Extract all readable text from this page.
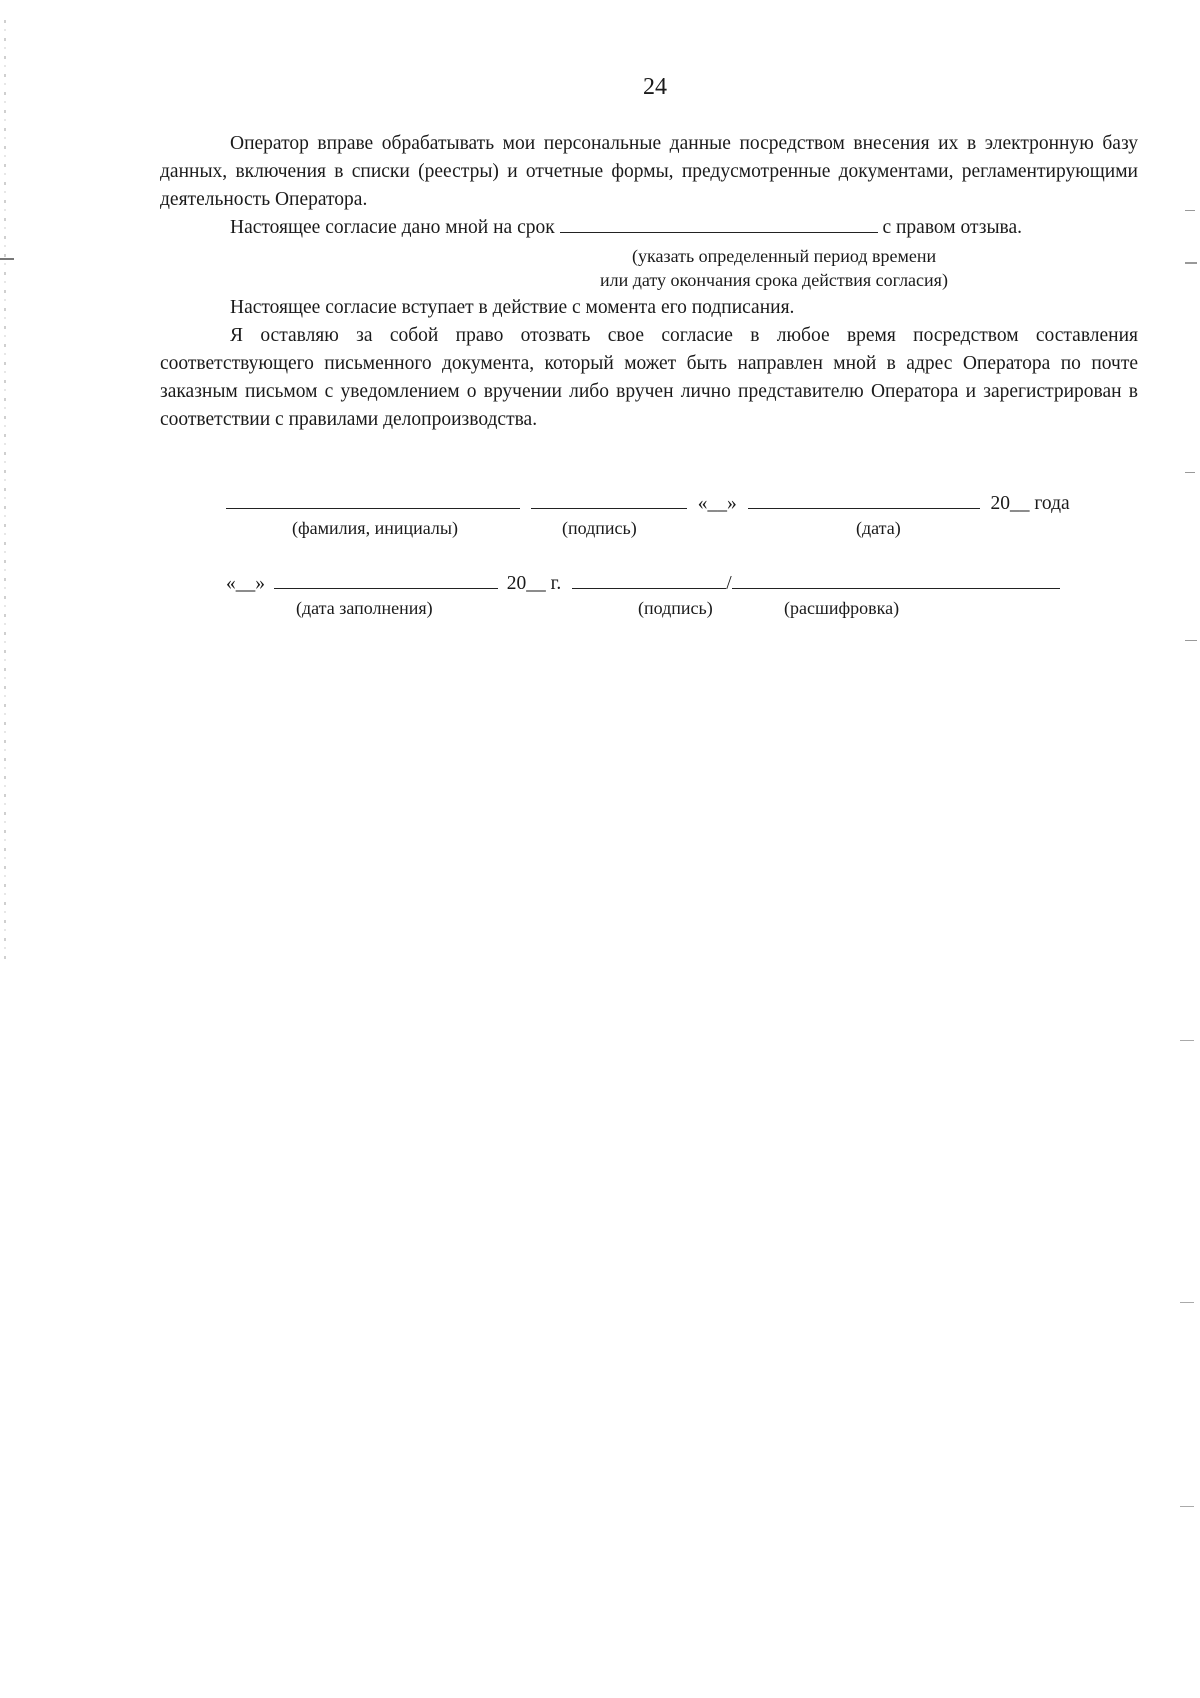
24

Оператор вправе обрабатывать мои персональные данные посредством внесения их в электронную базу данных, включения в списки (реестры) и отчетные формы, предусмотренные документами, регламентирующими деятельность Оператора.

Настоящее согласие дано мной на срок	с правом отзыва.

(указать определенный период времени

или дату окончания срока действия согласия)

Настоящее согласие вступает в действие с момента его подписания.

Я оставляю за собой право отозвать свое согласие в любое время посредством составления соответствующего письменного документа, который может быть направлен мной в адрес Оператора по почте заказным письмом с уведомлением о вручении либо вручен лично представителю Оператора и зарегистрирован в соответствии с правилами делопроизводства.

«__»	20__ года
(фамилия, инициалы)	(подпись)	(дата)
«__»	20__ г.	/
(дата заполнения)	(подпись)	(расшифровка)
